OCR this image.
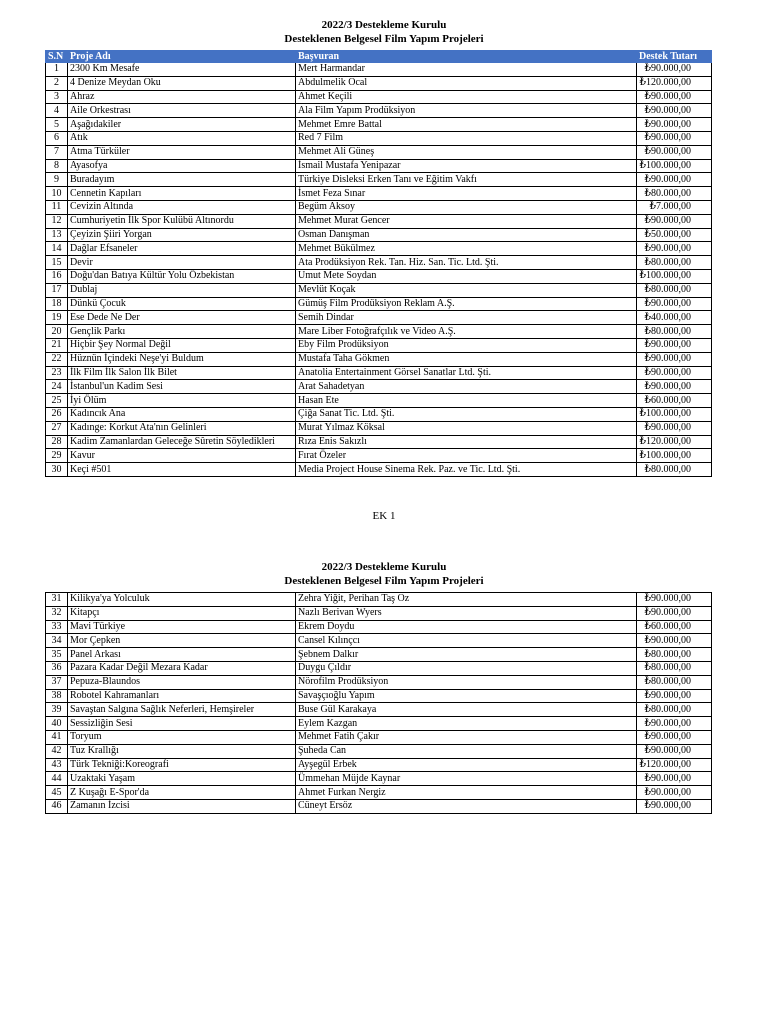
2022/3 Destekleme Kurulu
Desteklenen Belgesel Film Yapım Projeleri
S.N	Proje Adı	Başvuran	Destek Tutarı
1	2300 Km Mesafe	Mert Harmandar	₺90.000,00
2	4 Denize Meydan Oku	Abdulmelik Ocal	₺120.000,00
3	Ahraz	Ahmet Keçili	₺90.000,00
4	Aile Orkestrası	Ala Film Yapım Prodüksiyon	₺90.000,00
5	Aşağıdakiler	Mehmet Emre Battal	₺90.000,00
6	Atık	Red 7 Film	₺90.000,00
7	Atma Türküler	Mehmet Ali Güneş	₺90.000,00
8	Ayasofya	İsmail Mustafa Yenipazar	₺100.000,00
9	Buradayım	Türkiye Disleksi Erken Tanı ve Eğitim Vakfı	₺90.000,00
10	Cennetin Kapıları	İsmet Feza Sınar	₺80.000,00
11	Cevizin Altında	Begüm Aksoy	₺7.000,00
12	Cumhuriyetin İlk Spor Kulübü Altınordu	Mehmet Murat Gencer	₺90.000,00
13	Çeyizin Şiiri Yorgan	Osman Danışman	₺50.000,00
14	Dağlar Efsaneler	Mehmet Bükülmez	₺90.000,00
15	Devir	Ata Prodüksiyon Rek. Tan. Hiz. San. Tic. Ltd. Şti.	₺80.000,00
16	Doğu'dan Batıya Kültür Yolu Özbekistan	Umut Mete Soydan	₺100.000,00
17	Dublaj	Mevlüt Koçak	₺80.000,00
18	Dünkü Çocuk	Gümüş Film Prodüksiyon Reklam A.Ş.	₺90.000,00
19	Ese Dede Ne Der	Semih Dindar	₺40.000,00
20	Gençlik Parkı	Mare Liber Fotoğrafçılık ve Video A.Ş.	₺80.000,00
21	Hiçbir Şey Normal Değil	Eby Film Prodüksiyon	₺90.000,00
22	Hüznün İçindeki Neşe'yi Buldum	Mustafa Taha Gökmen	₺90.000,00
23	İlk Film İlk Salon İlk Bilet	Anatolia Entertainment Görsel Sanatlar Ltd. Şti.	₺90.000,00
24	İstanbul'un Kadim Sesi	Arat Sahadetyan	₺90.000,00
25	İyi Ölüm	Hasan Ete	₺60.000,00
26	Kadıncık Ana	Çiğa Sanat Tic. Ltd. Şti.	₺100.000,00
27	Kadınge: Korkut Ata'nın Gelinleri	Murat Yılmaz Köksal	₺90.000,00
28	Kadim Zamanlardan Geleceğe Sûretin Söyledikleri	Rıza Enis Sakızlı	₺120.000,00
29	Kavur	Fırat Özeler	₺100.000,00
30	Keçi #501	Media Project House Sinema Rek. Paz. ve Tic. Ltd. Şti.	₺80.000,00
EK 1
2022/3 Destekleme Kurulu
Desteklenen Belgesel Film Yapım Projeleri
31	Kilikya'ya Yolculuk	Zehra Yiğit, Perihan Taş Oz	₺90.000,00
32	Kitapçı	Nazlı Berivan Wyers	₺90.000,00
33	Mavi Türkiye	Ekrem Doydu	₺60.000,00
34	Mor Çepken	Cansel Kılınçcı	₺90.000,00
35	Panel Arkası	Şebnem Dalkır	₺80.000,00
36	Pazara Kadar Değil Mezara Kadar	Duygu Çıldır	₺80.000,00
37	Pepuza-Blaundos	Nörofilm Prodüksiyon	₺80.000,00
38	Robotel Kahramanları	Savaşçıoğlu Yapım	₺90.000,00
39	Savaştan Salgına Sağlık Neferleri, Hemşireler	Buse Gül Karakaya	₺80.000,00
40	Sessizliğin Sesi	Eylem Kazgan	₺90.000,00
41	Toryum	Mehmet Fatih Çakır	₺90.000,00
42	Tuz Krallığı	Şuheda Can	₺90.000,00
43	Türk Tekniği:Koreografi	Ayşegül Erbek	₺120.000,00
44	Uzaktaki Yaşam	Ümmehan Müjde Kaynar	₺90.000,00
45	Z Kuşağı E-Spor'da	Ahmet Furkan Nergiz	₺90.000,00
46	Zamanın İzcisi	Cüneyt Ersöz	₺90.000,00
